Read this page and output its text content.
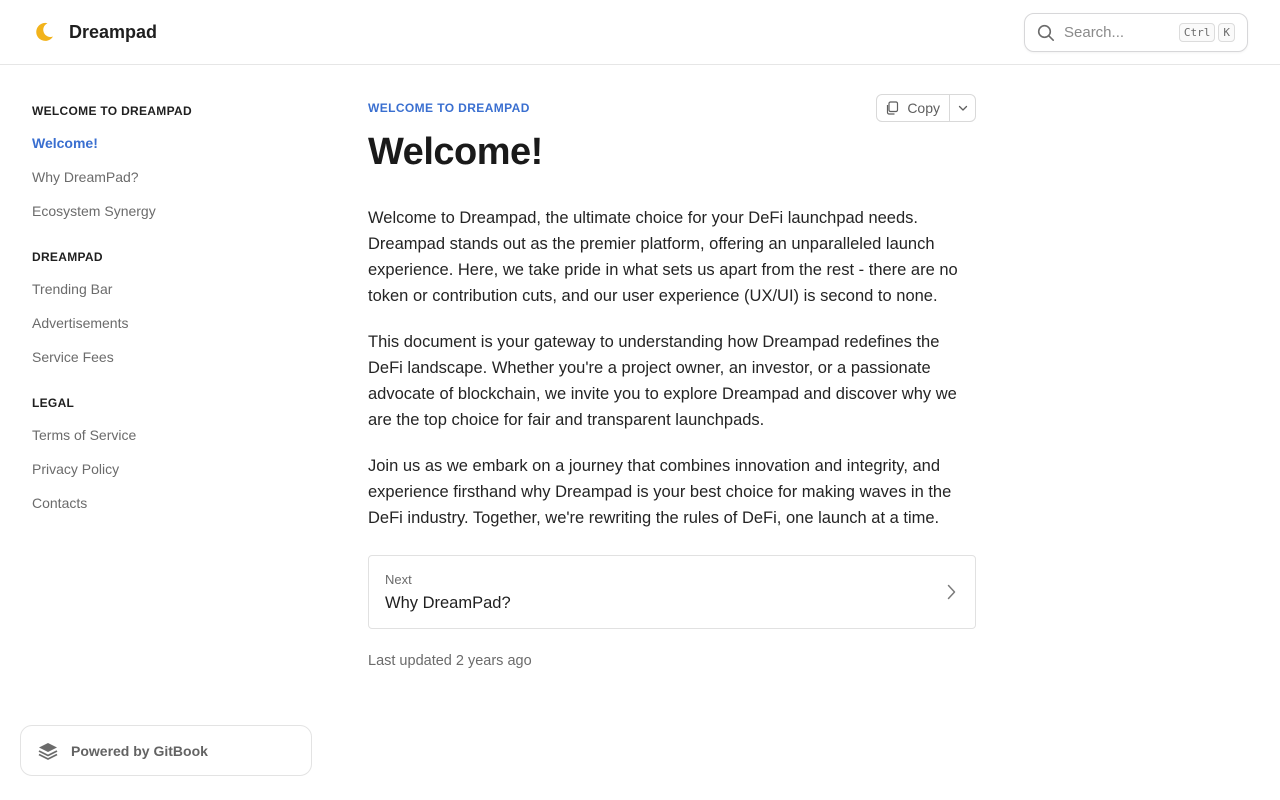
Dreampad
Search...	Ctrl	K
WELCOME TO DREAMPAD
Welcome!
Why DreamPad?
Ecosystem Synergy
DREAMPAD
Trending Bar
Advertisements
Service Fees
LEGAL
Terms of Service
Privacy Policy
Contacts
Powered by GitBook
WELCOME TO DREAMPAD	Copy
Welcome!

Welcome to Dreampad, the ultimate choice for your DeFi launchpad needs. Dreampad stands out as the premier platform, offering an unparalleled launch experience. Here, we take pride in what sets us apart from the rest - there are no token or contribution cuts, and our user experience (UX/UI) is second to none.

This document is your gateway to understanding how Dreampad redefines the DeFi landscape. Whether you're a project owner, an investor, or a passionate advocate of blockchain, we invite you to explore Dreampad and discover why we are the top choice for fair and transparent launchpads.

Join us as we embark on a journey that combines innovation and integrity, and experience firsthand why Dreampad is your best choice for making waves in the DeFi industry. Together, we're rewriting the rules of DeFi, one launch at a time.

Next
Why DreamPad?
Last updated 2 years ago
